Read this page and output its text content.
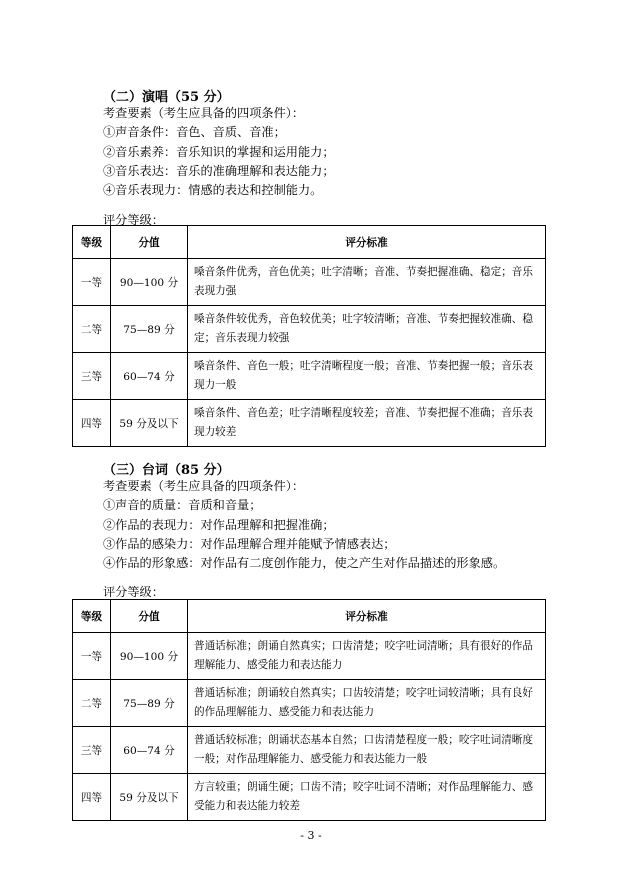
（二）演唱（55 分）
考查要素（考生应具备的四项条件）：
①声音条件：音色、音质、音准；
②音乐素养：音乐知识的掌握和运用能力；
③音乐表达：音乐的准确理解和表达能力；
④音乐表现力：情感的表达和控制能力。
评分等级：
等级	分值	评分标准
一等	90—100 分	嗓音条件优秀，音色优美；吐字清晰；音准、节奏把握准确、稳定；音乐表现力强
二等	75—89 分	嗓音条件较优秀，音色较优美；吐字较清晰；音准、节奏把握较准确、稳定；音乐表现力较强
三等	60—74 分	嗓音条件、音色一般；吐字清晰程度一般；音准、节奏把握一般；音乐表现力一般
四等	59 分及以下	嗓音条件、音色差；吐字清晰程度较差；音准、节奏把握不准确；音乐表现力较差
（三）台词（85 分）
考查要素（考生应具备的四项条件）：
①声音的质量：音质和音量；
②作品的表现力：对作品理解和把握准确；
③作品的感染力：对作品理解合理并能赋予情感表达；
④作品的形象感：对作品有二度创作能力，使之产生对作品描述的形象感。
评分等级：
等级	分值	评分标准
一等	90—100 分	普通话标准；朗诵自然真实；口齿清楚；咬字吐词清晰；具有很好的作品理解能力、感受能力和表达能力
二等	75—89 分	普通话标准；朗诵较自然真实；口齿较清楚；咬字吐词较清晰；具有良好的作品理解能力、感受能力和表达能力
三等	60—74 分	普通话较标准；朗诵状态基本自然；口齿清楚程度一般；咬字吐词清晰度一般；对作品理解能力、感受能力和表达能力一般
四等	59 分及以下	方言较重；朗诵生硬；口齿不清；咬字吐词不清晰；对作品理解能力、感受能力和表达能力较差
- 3 -
